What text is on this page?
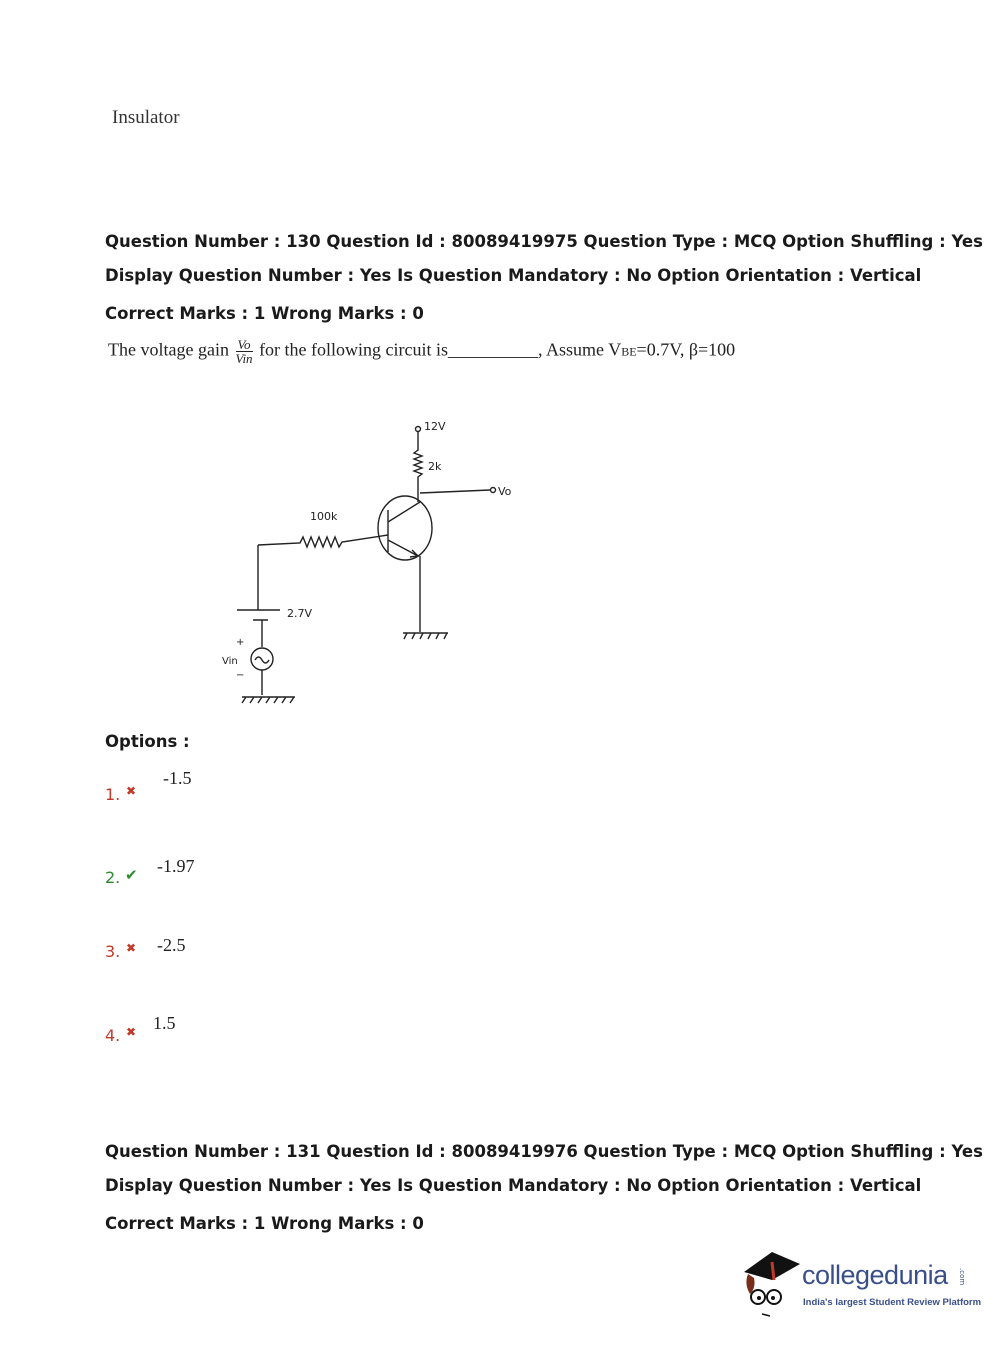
Insulator
Question Number : 130 Question Id : 80089419975 Question Type : MCQ Option Shuffling : Yes
Display Question Number : Yes Is Question Mandatory : No Option Orientation : Vertical
Correct Marks : 1 Wrong Marks : 0
The voltage gain $\frac{Vo}{\text{Vin}}$ for the following circuit is__________, Assume VBE=0.7V, β=100
12V
2k
Vo
100k
2.7V
+
Vin
−
Options :
1. ✖
-1.5
2. ✔ -1.97
3. ✖ -2.5
4. ✖ 1.5
Question Number : 131 Question Id : 80089419976 Question Type : MCQ Option Shuffling : Yes
Display Question Number : Yes Is Question Mandatory : No Option Orientation : Vertical
Correct Marks : 1 Wrong Marks : 0
collegedunia .com
India's largest Student Review Platform
